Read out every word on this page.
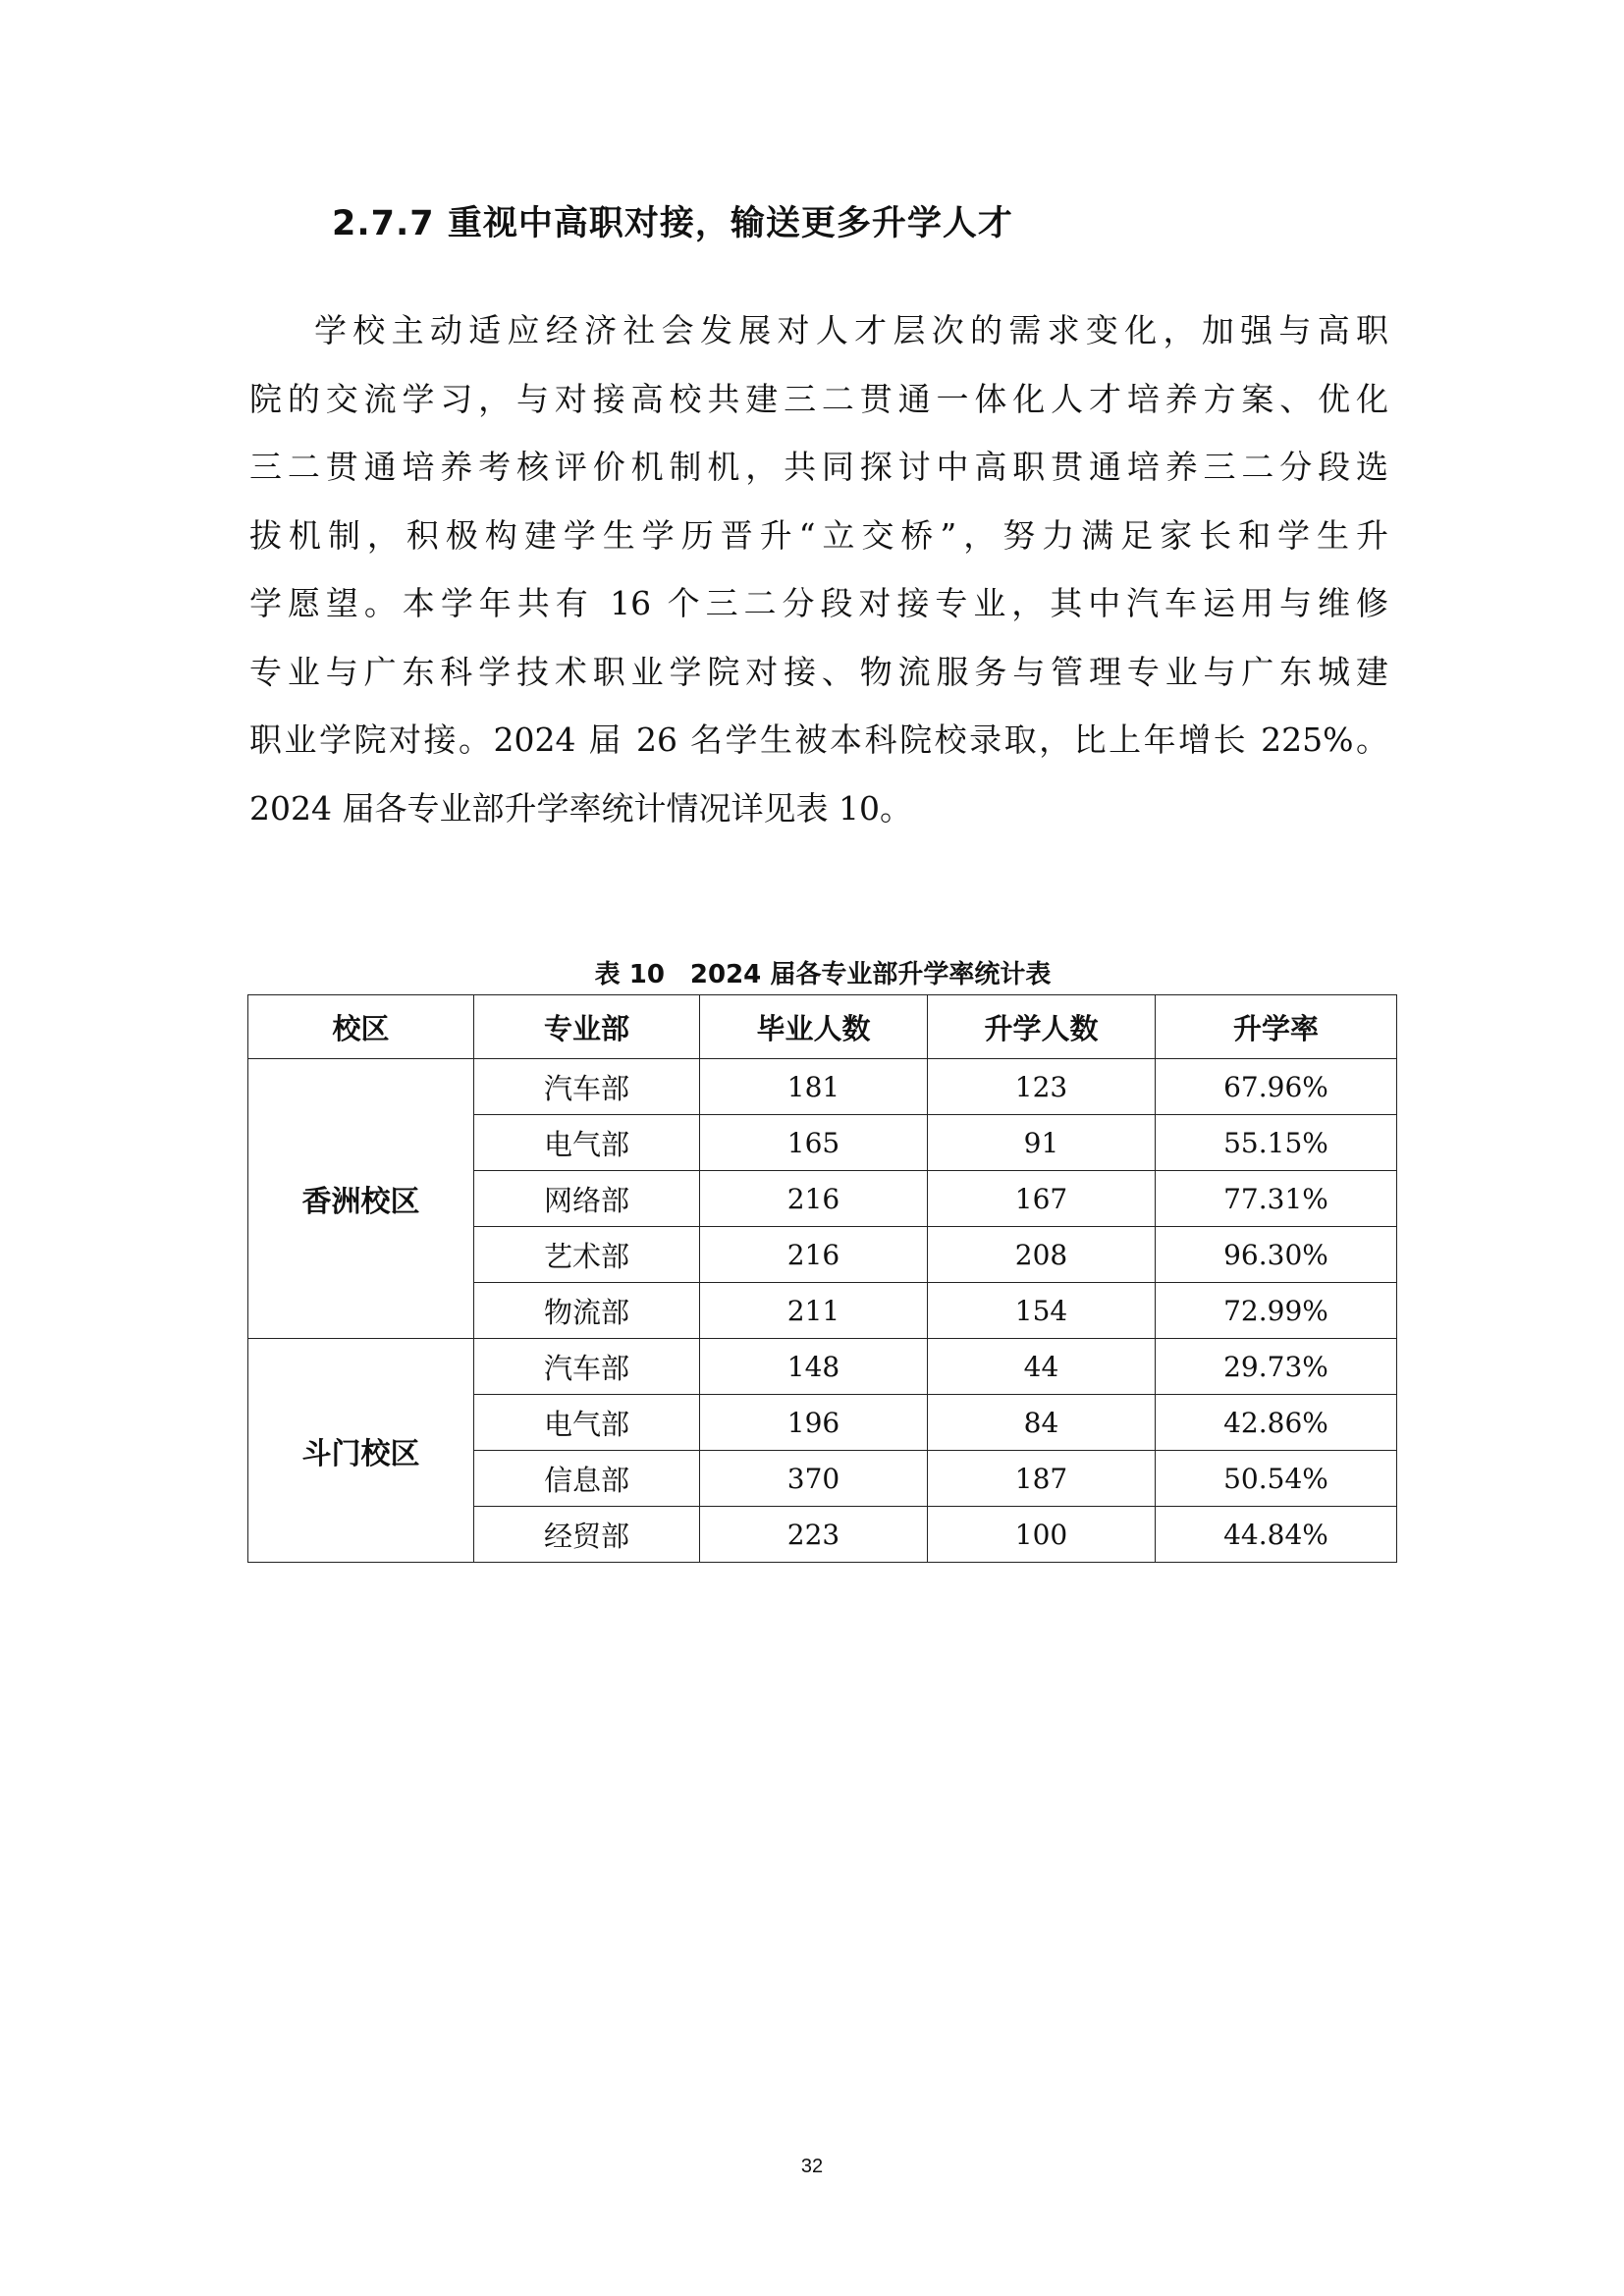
2.7.7 重视中高职对接，输送更多升学人才
学校主动适应经济社会发展对人才层次的需求变化，加强与高职
院的交流学习，与对接高校共建三二贯通一体化人才培养方案、优化
三二贯通培养考核评价机制机，共同探讨中高职贯通培养三二分段选
拔机制，积极构建学生学历晋升“立交桥”，努力满足家长和学生升
学愿望。本学年共有 16 个三二分段对接专业，其中汽车运用与维修
专业与广东科学技术职业学院对接、物流服务与管理专业与广东城建
职业学院对接。2024 届 26 名学生被本科院校录取，比上年增长 225%。
2024 届各专业部升学率统计情况详见表 10。
表 10 2024 届各专业部升学率统计表
校区	专业部	毕业人数	升学人数	升学率
香洲校区	汽车部	181	123	67.96%
	电气部	165	91	55.15%
	网络部	216	167	77.31%
	艺术部	216	208	96.30%
	物流部	211	154	72.99%
斗门校区	汽车部	148	44	29.73%
	电气部	196	84	42.86%
	信息部	370	187	50.54%
	经贸部	223	100	44.84%
32
